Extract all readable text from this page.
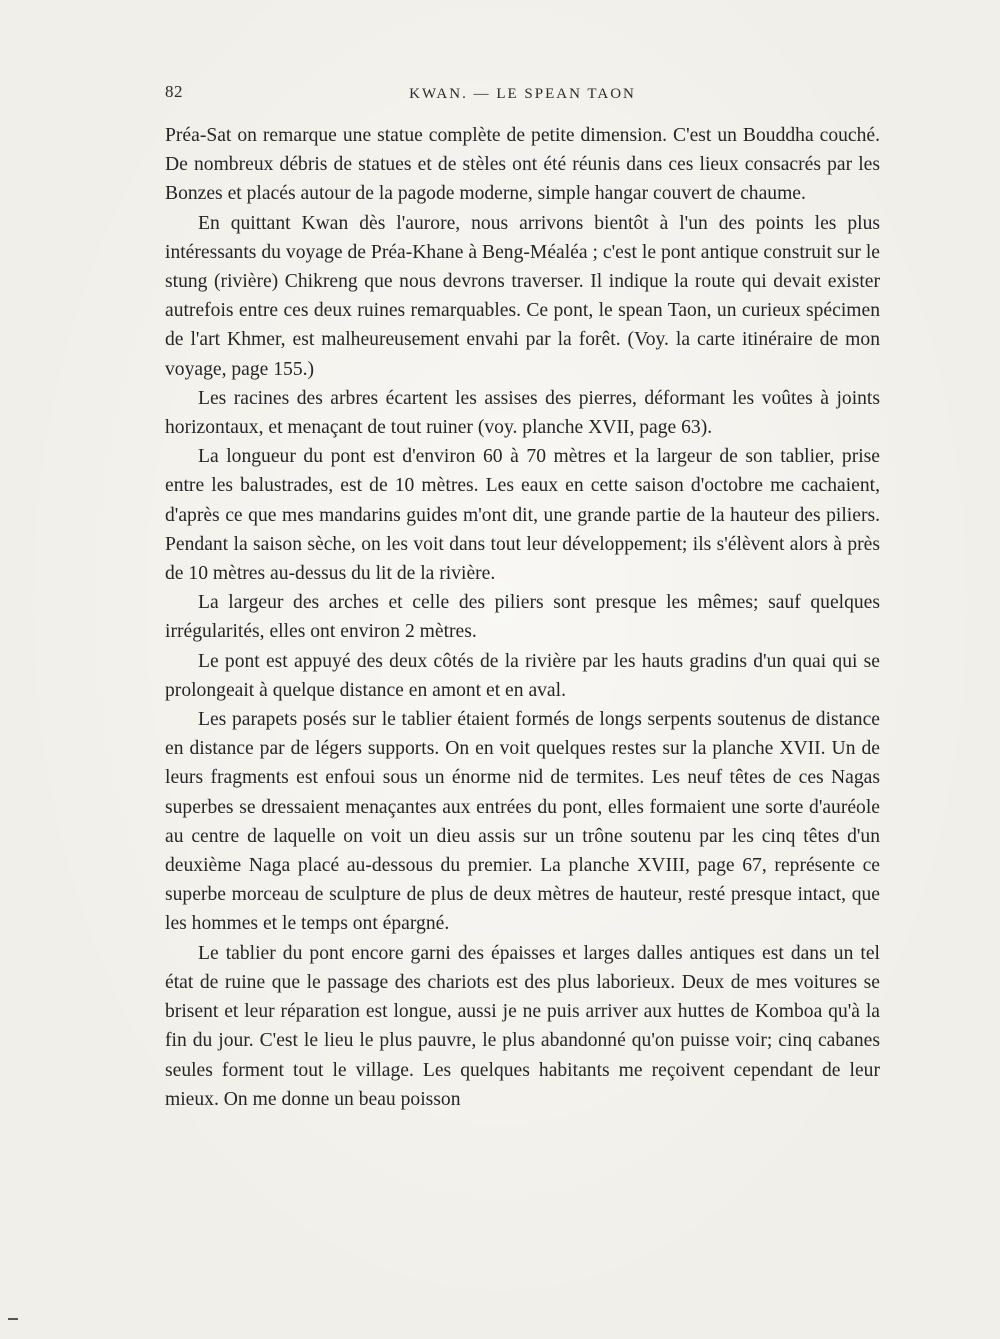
82	KWAN. — LE SPEAN TAON

Préa-Sat on remarque une statue complète de petite dimension. C'est un Bouddha couché. De nombreux débris de statues et de stèles ont été réunis dans ces lieux consacrés par les Bonzes et placés autour de la pagode moderne, simple hangar couvert de chaume.

En quittant Kwan dès l'aurore, nous arrivons bientôt à l'un des points les plus intéressants du voyage de Préa-Khane à Beng-Méaléa ; c'est le pont antique construit sur le stung (rivière) Chikreng que nous devrons traverser. Il indique la route qui devait exister autrefois entre ces deux ruines remarquables. Ce pont, le spean Taon, un curieux spécimen de l'art Khmer, est malheureusement envahi par la forêt. (Voy. la carte itinéraire de mon voyage, page 155.)

Les racines des arbres écartent les assises des pierres, déformant les voûtes à joints horizontaux, et menaçant de tout ruiner (voy. planche XVII, page 63).

La longueur du pont est d'environ 60 à 70 mètres et la largeur de son tablier, prise entre les balustrades, est de 10 mètres. Les eaux en cette saison d'octobre me cachaient, d'après ce que mes mandarins guides m'ont dit, une grande partie de la hauteur des piliers. Pendant la saison sèche, on les voit dans tout leur développement; ils s'élèvent alors à près de 10 mètres au-dessus du lit de la rivière.

La largeur des arches et celle des piliers sont presque les mêmes; sauf quelques irrégularités, elles ont environ 2 mètres.

Le pont est appuyé des deux côtés de la rivière par les hauts gradins d'un quai qui se prolongeait à quelque distance en amont et en aval.

Les parapets posés sur le tablier étaient formés de longs serpents soutenus de distance en distance par de légers supports. On en voit quelques restes sur la planche XVII. Un de leurs fragments est enfoui sous un énorme nid de termites. Les neuf têtes de ces Nagas superbes se dressaient menaçantes aux entrées du pont, elles formaient une sorte d'auréole au centre de laquelle on voit un dieu assis sur un trône soutenu par les cinq têtes d'un deuxième Naga placé au-dessous du premier. La planche XVIII, page 67, représente ce superbe morceau de sculpture de plus de deux mètres de hauteur, resté presque intact, que les hommes et le temps ont épargné.

Le tablier du pont encore garni des épaisses et larges dalles antiques est dans un tel état de ruine que le passage des chariots est des plus laborieux. Deux de mes voitures se brisent et leur réparation est longue, aussi je ne puis arriver aux huttes de Komboa qu'à la fin du jour. C'est le lieu le plus pauvre, le plus abandonné qu'on puisse voir; cinq cabanes seules forment tout le village. Les quelques habitants me reçoivent cependant de leur mieux. On me donne un beau poisson
